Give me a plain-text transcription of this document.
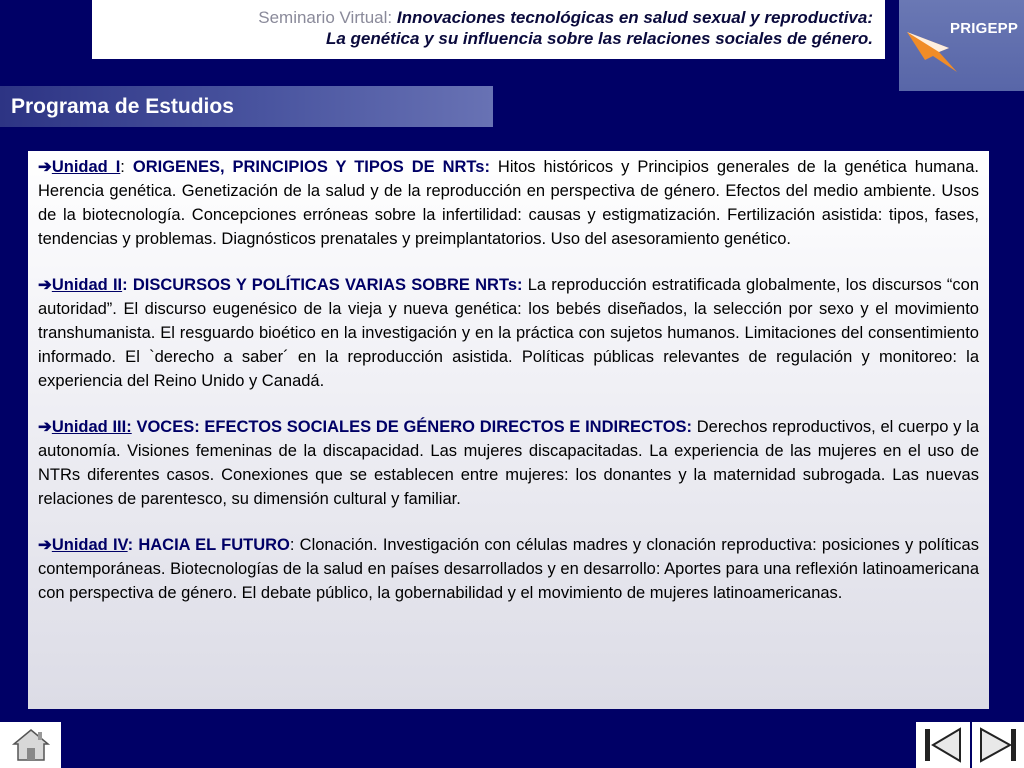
Seminario Virtual: Innovaciones tecnológicas en salud sexual y reproductiva:
La genética y su influencia sobre las relaciones sociales de género.
PRIGEPP
Programa de Estudios

➔Unidad I: ORIGENES, PRINCIPIOS Y TIPOS DE NRTs: Hitos históricos y Principios generales de la genética humana. Herencia genética. Genetización de la salud y de la reproducción en perspectiva de género. Efectos del medio ambiente. Usos de la biotecnología. Concepciones erróneas sobre la infertilidad: causas y estigmatización. Fertilización asistida: tipos, fases, tendencias y problemas. Diagnósticos prenatales y preimplantatorios. Uso del asesoramiento genético.

➔Unidad II: DISCURSOS Y POLÍTICAS VARIAS SOBRE NRTs: La reproducción estratificada globalmente, los discursos “con autoridad”. El discurso eugenésico de la vieja y nueva genética: los bebés diseñados, la selección por sexo y el movimiento transhumanista. El resguardo bioético en la investigación y en la práctica con sujetos humanos. Limitaciones del consentimiento informado. El `derecho a saber´ en la reproducción asistida. Políticas públicas relevantes de regulación y monitoreo: la experiencia del Reino Unido y Canadá.

➔Unidad III: VOCES: EFECTOS SOCIALES DE GÉNERO DIRECTOS E INDIRECTOS: Derechos reproductivos, el cuerpo y la autonomía. Visiones femeninas de la discapacidad. Las mujeres discapacitadas. La experiencia de las mujeres en el uso de NTRs diferentes casos. Conexiones que se establecen entre mujeres: los donantes y la maternidad subrogada. Las nuevas relaciones de parentesco, su dimensión cultural y familiar.

➔Unidad IV: HACIA EL FUTURO: Clonación. Investigación con células madres y clonación reproductiva: posiciones y políticas contemporáneas. Biotecnologías de la salud en países desarrollados y en desarrollo: Aportes para una reflexión latinoamericana con perspectiva de género. El debate público, la gobernabilidad y el movimiento de mujeres latinoamericanas.
